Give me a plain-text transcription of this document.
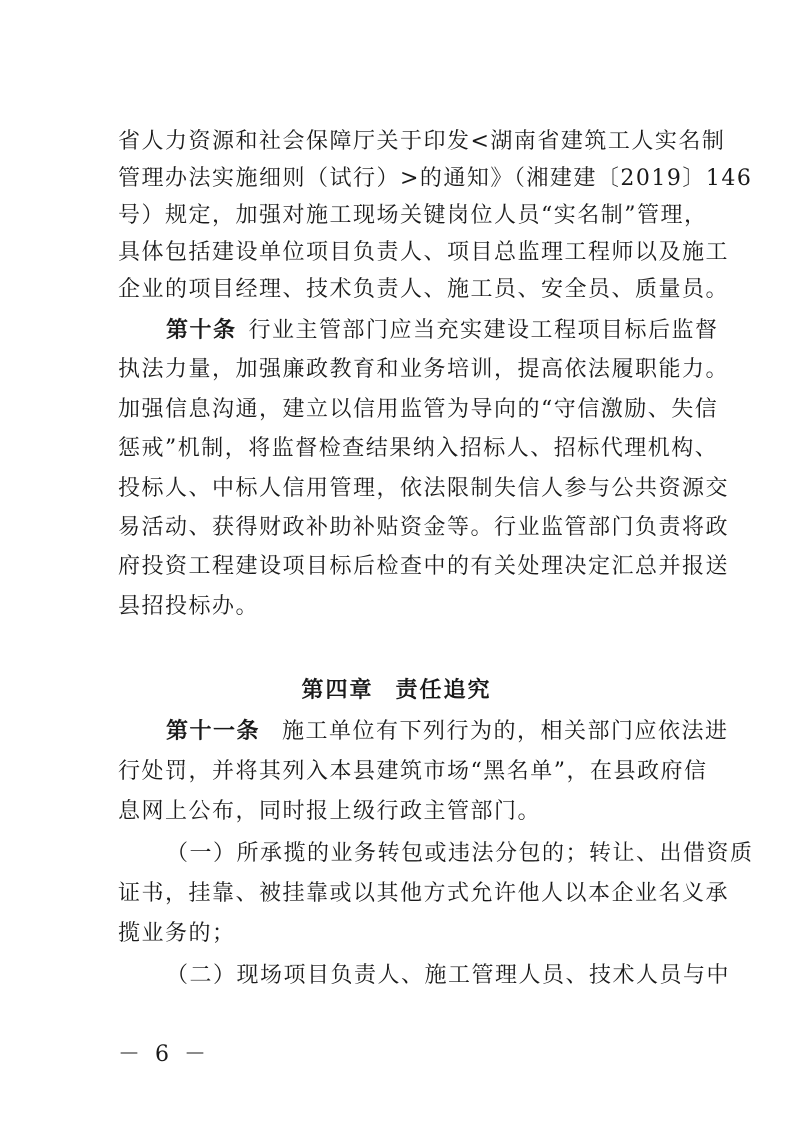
省人力资源和社会保障厅关于印发<湖南省建筑工人实名制
管理办法实施细则（试行）>的通知》（湘建建〔2019〕146
号）规定，加强对施工现场关键岗位人员“实名制”管理，
具体包括建设单位项目负责人、项目总监理工程师以及施工
企业的项目经理、技术负责人、施工员、安全员、质量员。
第十条 行业主管部门应当充实建设工程项目标后监督
执法力量，加强廉政教育和业务培训，提高依法履职能力。
加强信息沟通，建立以信用监管为导向的“守信激励、失信
惩戒”机制，将监督检查结果纳入招标人、招标代理机构、
投标人、中标人信用管理，依法限制失信人参与公共资源交
易活动、获得财政补助补贴资金等。行业监管部门负责将政
府投资工程建设项目标后检查中的有关处理决定汇总并报送
县招投标办。
第四章 责任追究
第十一条 施工单位有下列行为的，相关部门应依法进
行处罚，并将其列入本县建筑市场“黑名单”，在县政府信
息网上公布，同时报上级行政主管部门。
（一）所承揽的业务转包或违法分包的；转让、出借资质
证书，挂靠、被挂靠或以其他方式允许他人以本企业名义承
揽业务的；
（二）现场项目负责人、施工管理人员、技术人员与中
－ 6 －
